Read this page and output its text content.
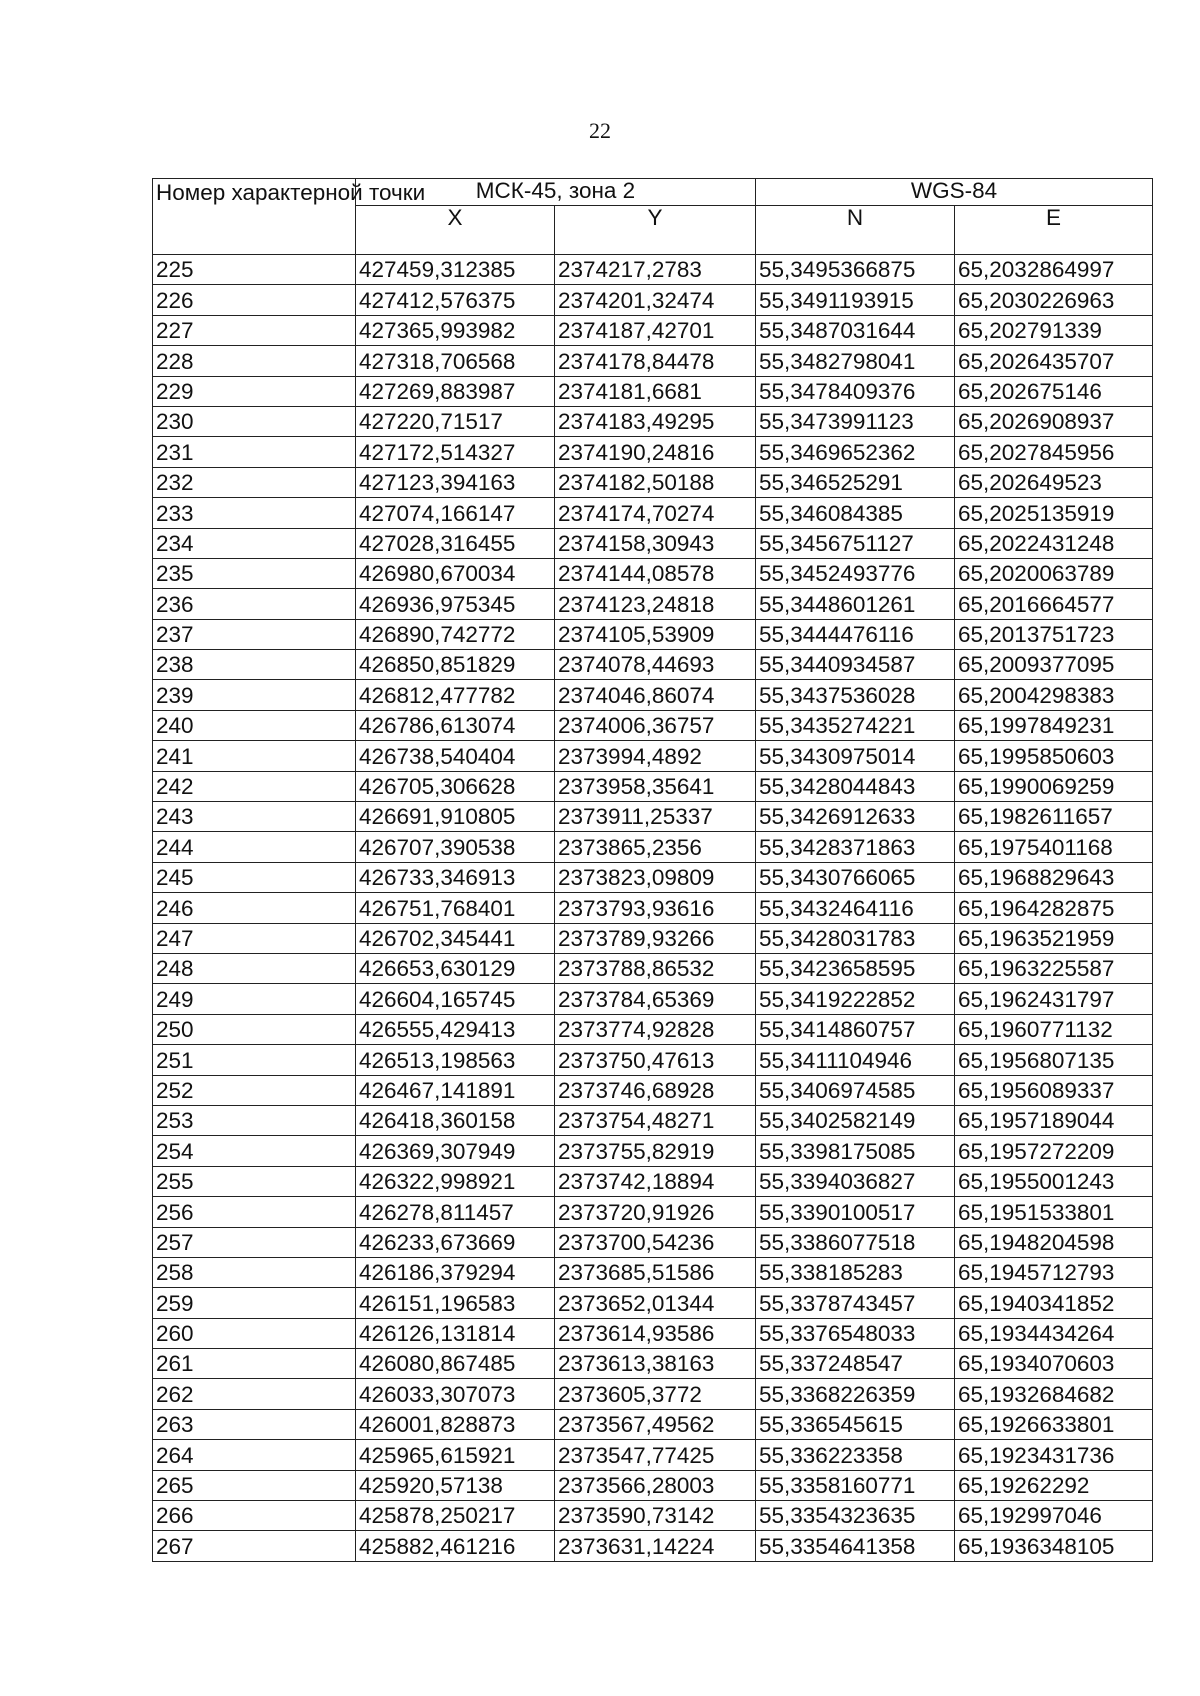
22
Номер характерной точки	МСК-45, зона 2		WGS-84	
	X	Y	N	E
225	427459,312385	2374217,2783	55,3495366875	65,2032864997
226	427412,576375	2374201,32474	55,3491193915	65,2030226963
227	427365,993982	2374187,42701	55,3487031644	65,202791339
228	427318,706568	2374178,84478	55,3482798041	65,2026435707
229	427269,883987	2374181,6681	55,3478409376	65,202675146
230	427220,71517	2374183,49295	55,3473991123	65,2026908937
231	427172,514327	2374190,24816	55,3469652362	65,2027845956
232	427123,394163	2374182,50188	55,346525291	65,202649523
233	427074,166147	2374174,70274	55,346084385	65,2025135919
234	427028,316455	2374158,30943	55,3456751127	65,2022431248
235	426980,670034	2374144,08578	55,3452493776	65,2020063789
236	426936,975345	2374123,24818	55,3448601261	65,2016664577
237	426890,742772	2374105,53909	55,3444476116	65,2013751723
238	426850,851829	2374078,44693	55,3440934587	65,2009377095
239	426812,477782	2374046,86074	55,3437536028	65,2004298383
240	426786,613074	2374006,36757	55,3435274221	65,1997849231
241	426738,540404	2373994,4892	55,3430975014	65,1995850603
242	426705,306628	2373958,35641	55,3428044843	65,1990069259
243	426691,910805	2373911,25337	55,3426912633	65,1982611657
244	426707,390538	2373865,2356	55,3428371863	65,1975401168
245	426733,346913	2373823,09809	55,3430766065	65,1968829643
246	426751,768401	2373793,93616	55,3432464116	65,1964282875
247	426702,345441	2373789,93266	55,3428031783	65,1963521959
248	426653,630129	2373788,86532	55,3423658595	65,1963225587
249	426604,165745	2373784,65369	55,3419222852	65,1962431797
250	426555,429413	2373774,92828	55,3414860757	65,1960771132
251	426513,198563	2373750,47613	55,3411104946	65,1956807135
252	426467,141891	2373746,68928	55,3406974585	65,1956089337
253	426418,360158	2373754,48271	55,3402582149	65,1957189044
254	426369,307949	2373755,82919	55,3398175085	65,1957272209
255	426322,998921	2373742,18894	55,3394036827	65,1955001243
256	426278,811457	2373720,91926	55,3390100517	65,1951533801
257	426233,673669	2373700,54236	55,3386077518	65,1948204598
258	426186,379294	2373685,51586	55,338185283	65,1945712793
259	426151,196583	2373652,01344	55,3378743457	65,1940341852
260	426126,131814	2373614,93586	55,3376548033	65,1934434264
261	426080,867485	2373613,38163	55,337248547	65,1934070603
262	426033,307073	2373605,3772	55,3368226359	65,1932684682
263	426001,828873	2373567,49562	55,336545615	65,1926633801
264	425965,615921	2373547,77425	55,336223358	65,1923431736
265	425920,57138	2373566,28003	55,3358160771	65,19262292
266	425878,250217	2373590,73142	55,3354323635	65,192997046
267	425882,461216	2373631,14224	55,3354641358	65,1936348105
